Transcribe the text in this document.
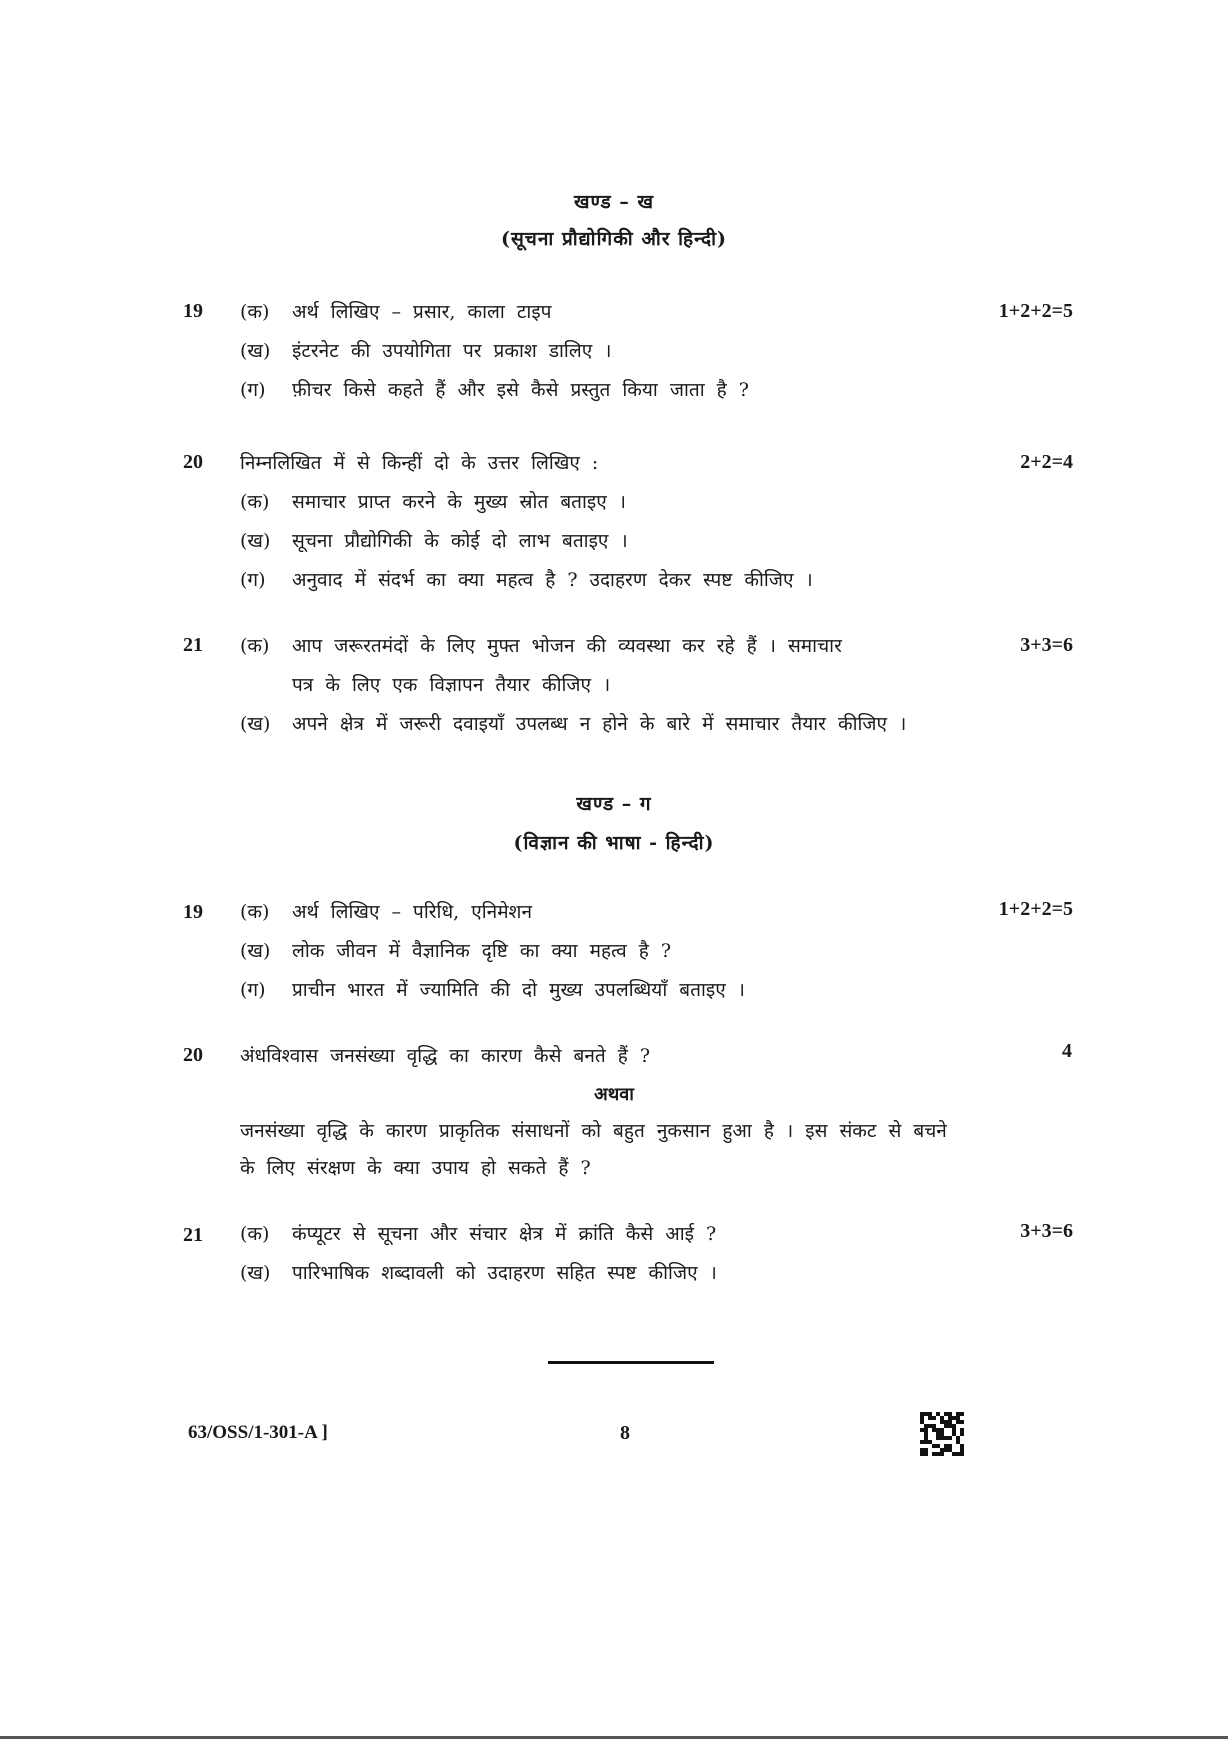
खण्ड – ख
(सूचना प्रौद्योगिकी और हिन्दी)
19	1+2+2=5
(क) अर्थ लिखिए – प्रसार, काला टाइप
(ख) इंटरनेट की उपयोगिता पर प्रकाश डालिए ।
(ग) फ़ीचर किसे कहते हैं और इसे कैसे प्रस्तुत किया जाता है ?
20	2+2=4
निम्नलिखित में से किन्हीं दो के उत्तर लिखिए :
(क) समाचार प्राप्त करने के मुख्य स्रोत बताइए ।
(ख) सूचना प्रौद्योगिकी के कोई दो लाभ बताइए ।
(ग) अनुवाद में संदर्भ का क्या महत्व है ? उदाहरण देकर स्पष्ट कीजिए ।
21	3+3=6
(क) आप जरूरतमंदों के लिए मुफ्त भोजन की व्यवस्था कर रहे हैं । समाचार
पत्र के लिए एक विज्ञापन तैयार कीजिए ।
(ख) अपने क्षेत्र में जरूरी दवाइयाँ उपलब्ध न होने के बारे में समाचार तैयार कीजिए ।
खण्ड – ग
(विज्ञान की भाषा - हिन्दी)
19	1+2+2=5
(क) अर्थ लिखिए – परिधि, एनिमेशन
(ख) लोक जीवन में वैज्ञानिक दृष्टि का क्या महत्व है ?
(ग) प्राचीन भारत में ज्यामिति की दो मुख्य उपलब्धियाँ बताइए ।
20	4
अंधविश्वास जनसंख्या वृद्धि का कारण कैसे बनते हैं ?
अथवा
जनसंख्या वृद्धि के कारण प्राकृतिक संसाधनों को बहुत नुकसान हुआ है । इस संकट से बचने
के लिए संरक्षण के क्या उपाय हो सकते हैं ?
21	3+3=6
(क) कंप्यूटर से सूचना और संचार क्षेत्र में क्रांति कैसे आई ?
(ख) पारिभाषिक शब्दावली को उदाहरण सहित स्पष्ट कीजिए ।
63/OSS/1-301-A ]	8
